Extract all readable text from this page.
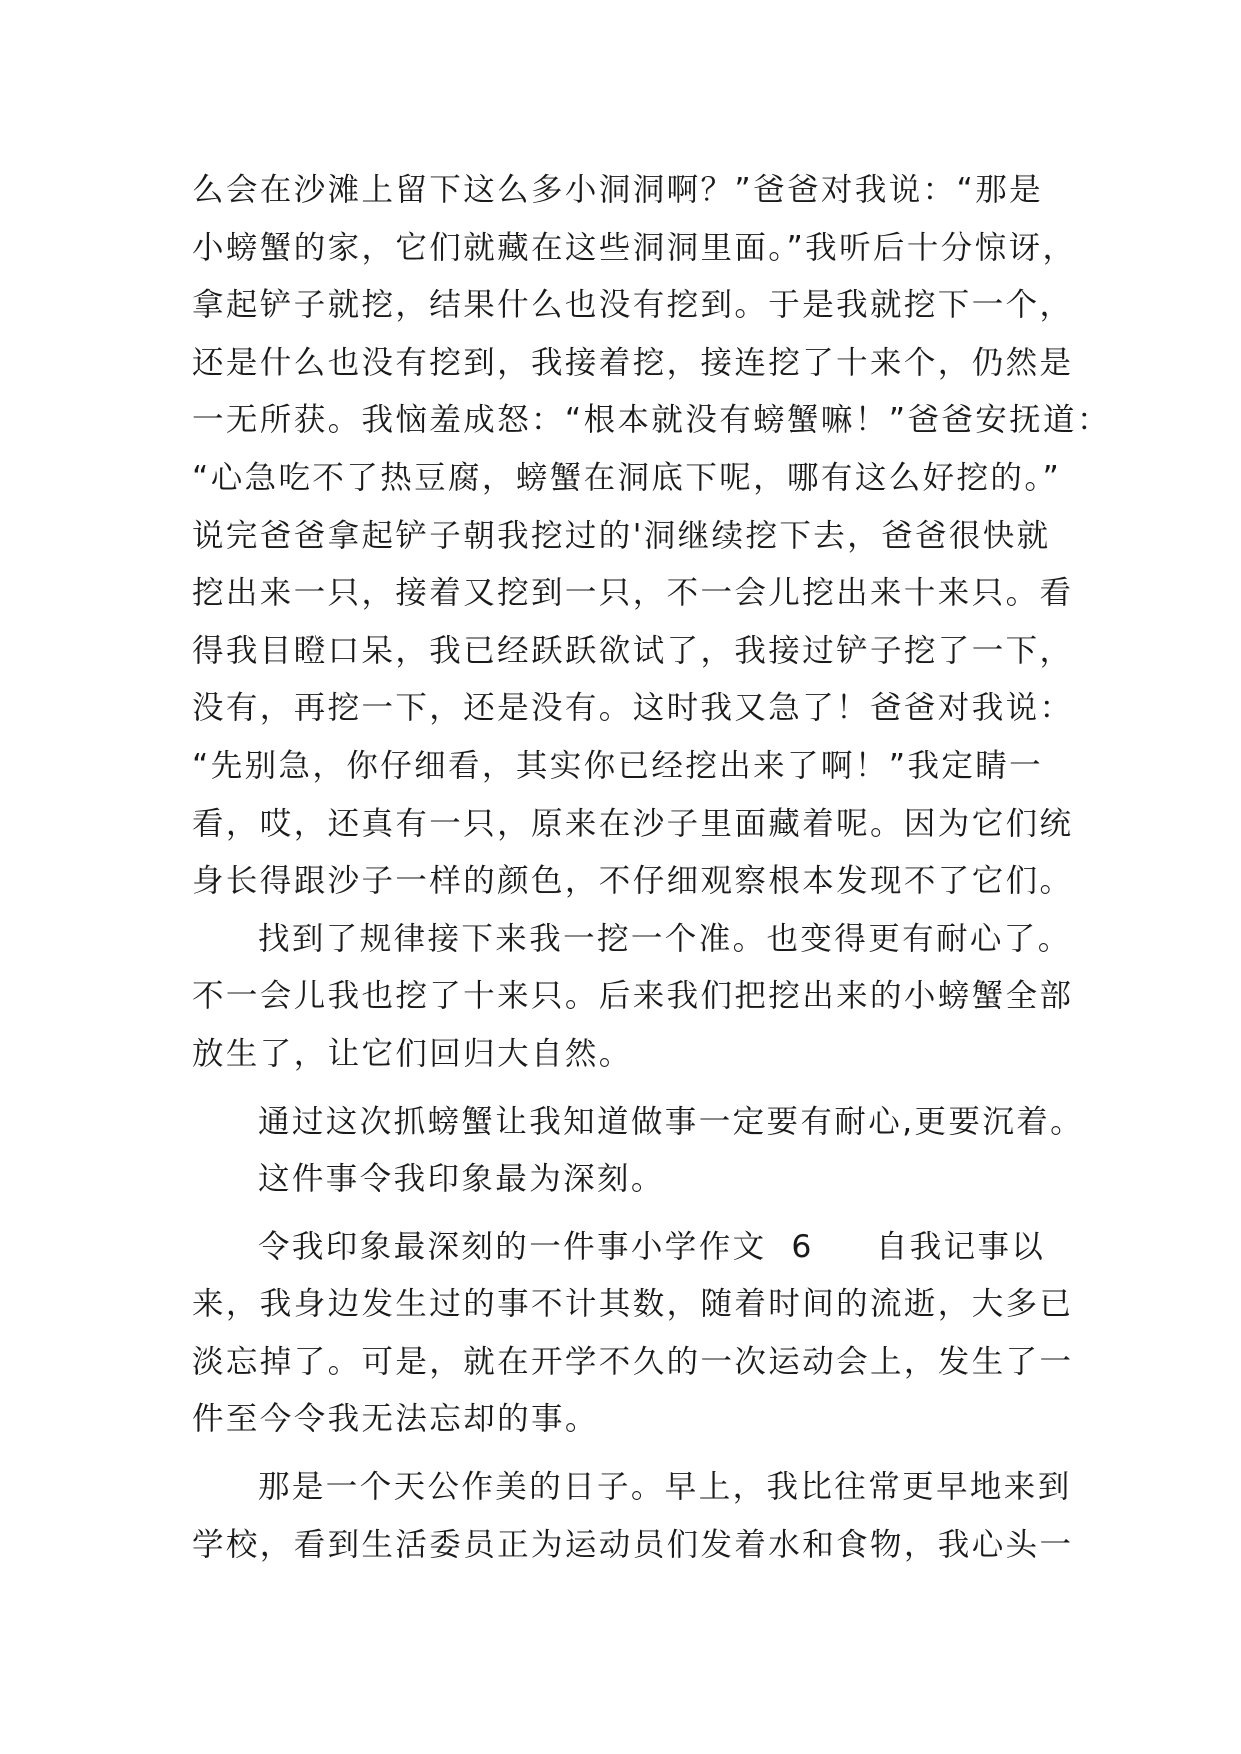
么会在沙滩上留下这么多小洞洞啊？”爸爸对我说：“那是
小螃蟹的家，它们就藏在这些洞洞里面。”我听后十分惊讶，
拿起铲子就挖，结果什么也没有挖到。于是我就挖下一个，
还是什么也没有挖到，我接着挖，接连挖了十来个，仍然是
一无所获。我恼羞成怒：“根本就没有螃蟹嘛！”爸爸安抚道：
“心急吃不了热豆腐，螃蟹在洞底下呢，哪有这么好挖的。”
说完爸爸拿起铲子朝我挖过的'洞继续挖下去，爸爸很快就
挖出来一只，接着又挖到一只，不一会儿挖出来十来只。看
得我目瞪口呆，我已经跃跃欲试了，我接过铲子挖了一下，
没有，再挖一下，还是没有。这时我又急了！爸爸对我说：
“先别急，你仔细看，其实你已经挖出来了啊！”我定睛一
看，哎，还真有一只，原来在沙子里面藏着呢。因为它们统
身长得跟沙子一样的颜色，不仔细观察根本发现不了它们。
找到了规律接下来我一挖一个准。也变得更有耐心了。
不一会儿我也挖了十来只。后来我们把挖出来的小螃蟹全部
放生了，让它们回归大自然。
通过这次抓螃蟹让我知道做事一定要有耐心,更要沉着。
这件事令我印象最为深刻。
令我印象最深刻的一件事小学作文  6     自我记事以
来，我身边发生过的事不计其数，随着时间的流逝，大多已
淡忘掉了。可是，就在开学不久的一次运动会上，发生了一
件至今令我无法忘却的事。
那是一个天公作美的日子。早上，我比往常更早地来到
学校，看到生活委员正为运动员们发着水和食物，我心头一
